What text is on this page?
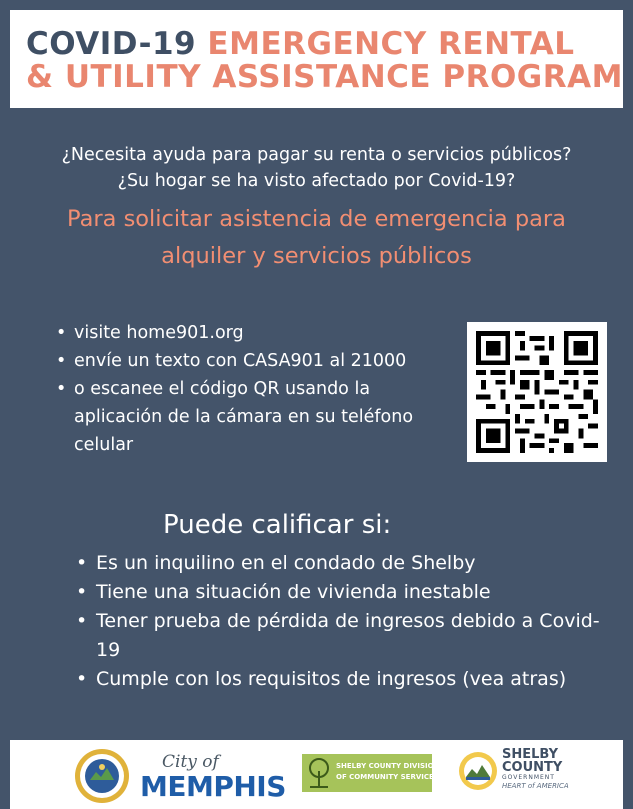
COVID-19 EMERGENCY RENTAL
& UTILITY ASSISTANCE PROGRAM
¿Necesita ayuda para pagar su renta o servicios públicos?
¿Su hogar se ha visto afectado por Covid-19?
Para solicitar asistencia de emergencia para
alquiler y servicios públicos
• visite home901.org
• envíe un texto con CASA901 al 21000
• o escanee el código QR usando la aplicación de la cámara en su teléfono celular
Puede calificar si:
• Es un inquilino en el condado de Shelby
• Tiene una situación de vivienda inestable
• Tener prueba de pérdida de ingresos debido a Covid-19
• Cumple con los requisitos de ingresos (vea atras)
City of
MEMPHIS
SHELBY COUNTY DIVISION
OF COMMUNITY SERVICES
SHELBY
COUNTY
GOVERNMENT
HEART of AMERICA
